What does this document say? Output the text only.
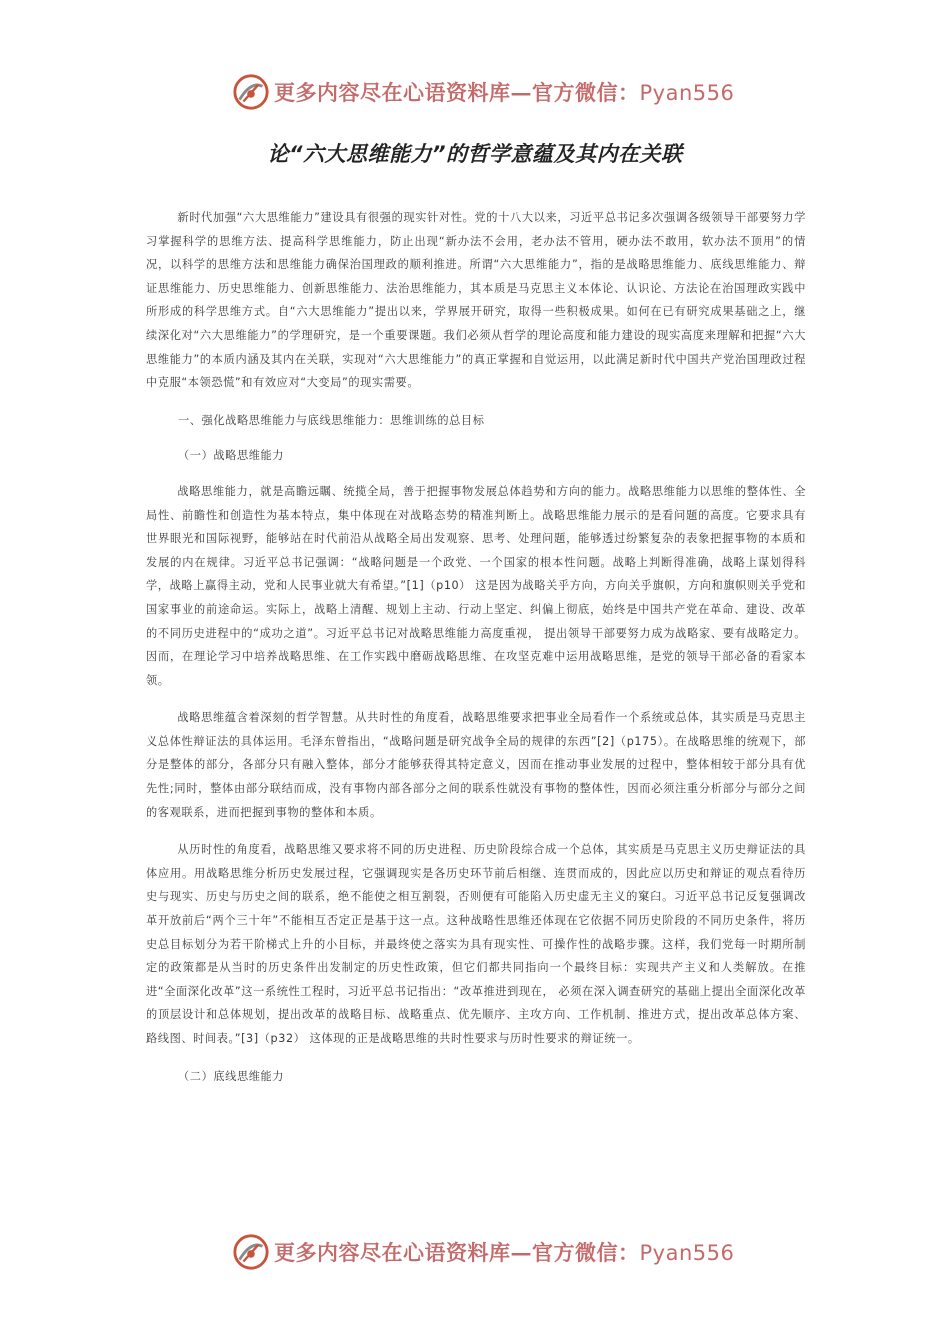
更多内容尽在心语资料库—官方微信：Pyan556
论“六大思维能力”的哲学意蕴及其内在关联
新时代加强“六大思维能力”建设具有很强的现实针对性。党的十八大以来，习近平总书记多次强调各级领导干部要努力学习掌握科学的思维方法、提高科学思维能力，防止出现“新办法不会用，老办法不管用，硬办法不敢用，软办法不顶用”的情况，以科学的思维方法和思维能力确保治国理政的顺利推进。所谓“六大思维能力”，指的是战略思维能力、底线思维能力、辩证思维能力、历史思维能力、创新思维能力、法治思维能力，其本质是马克思主义本体论、认识论、方法论在治国理政实践中所形成的科学思维方式。自“六大思维能力”提出以来，学界展开研究，取得一些积极成果。如何在已有研究成果基础之上，继续深化对“六大思维能力”的学理研究，是一个重要课题。我们必须从哲学的理论高度和能力建设的现实高度来理解和把握“六大思维能力”的本质内涵及其内在关联，实现对“六大思维能力”的真正掌握和自觉运用，以此满足新时代中国共产党治国理政过程中克服“本领恐慌”和有效应对“大变局”的现实需要。
一、强化战略思维能力与底线思维能力：思维训练的总目标
（一）战略思维能力
战略思维能力，就是高瞻远瞩、统揽全局，善于把握事物发展总体趋势和方向的能力。战略思维能力以思维的整体性、全局性、前瞻性和创造性为基本特点，集中体现在对战略态势的精准判断上。战略思维能力展示的是看问题的高度。它要求具有世界眼光和国际视野，能够站在时代前沿从战略全局出发观察、思考、处理问题，能够透过纷繁复杂的表象把握事物的本质和发展的内在规律。习近平总书记强调：“战略问题是一个政党、一个国家的根本性问题。战略上判断得准确，战略上谋划得科学，战略上赢得主动，党和人民事业就大有希望。”[1]（p10） 这是因为战略关乎方向，方向关乎旗帜，方向和旗帜则关乎党和国家事业的前途命运。实际上，战略上清醒、规划上主动、行动上坚定、纠偏上彻底，始终是中国共产党在革命、建设、改革的不同历史进程中的“成功之道”。习近平总书记对战略思维能力高度重视， 提出领导干部要努力成为战略家、要有战略定力。因而，在理论学习中培养战略思维、在工作实践中磨砺战略思维、在攻坚克难中运用战略思维，是党的领导干部必备的看家本领。
战略思维蕴含着深刻的哲学智慧。从共时性的角度看，战略思维要求把事业全局看作一个系统或总体，其实质是马克思主义总体性辩证法的具体运用。毛泽东曾指出，“战略问题是研究战争全局的规律的东西”[2]（p175）。在战略思维的统观下，部分是整体的部分，各部分只有融入整体，部分才能够获得其特定意义，因而在推动事业发展的过程中，整体相较于部分具有优先性;同时，整体由部分联结而成，没有事物内部各部分之间的联系性就没有事物的整体性，因而必须注重分析部分与部分之间的客观联系，进而把握到事物的整体和本质。
从历时性的角度看，战略思维又要求将不同的历史进程、历史阶段综合成一个总体，其实质是马克思主义历史辩证法的具体应用。用战略思维分析历史发展过程，它强调现实是各历史环节前后相继、连贯而成的，因此应以历史和辩证的观点看待历史与现实、历史与历史之间的联系，绝不能使之相互割裂，否则便有可能陷入历史虚无主义的窠臼。习近平总书记反复强调改革开放前后“两个三十年”不能相互否定正是基于这一点。这种战略性思维还体现在它依据不同历史阶段的不同历史条件，将历史总目标划分为若干阶梯式上升的小目标，并最终使之落实为具有现实性、可操作性的战略步骤。这样，我们党每一时期所制定的政策都是从当时的历史条件出发制定的历史性政策，但它们都共同指向一个最终目标：实现共产主义和人类解放。在推进“全面深化改革”这一系统性工程时，习近平总书记指出：“改革推进到现在， 必须在深入调查研究的基础上提出全面深化改革的顶层设计和总体规划，提出改革的战略目标、战略重点、优先顺序、主攻方向、工作机制、推进方式，提出改革总体方案、路线图、时间表。”[3]（p32） 这体现的正是战略思维的共时性要求与历时性要求的辩证统一。
（二）底线思维能力
更多内容尽在心语资料库—官方微信：Pyan556
